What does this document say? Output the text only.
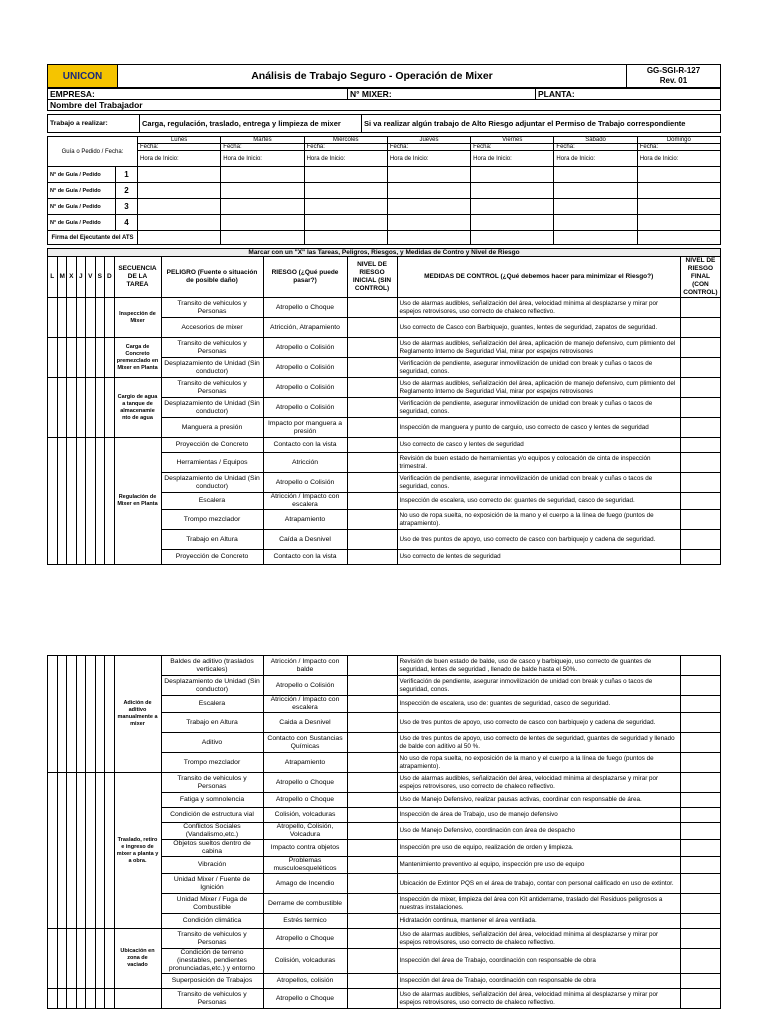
UNICON	Análisis de Trabajo Seguro - Operación de Mixer	GG-SGI-R-127
Rev. 01
EMPRESA:	N° MIXER:	PLANTA:
Nombre del Trabajador
Trabajo a realizar:	Carga, regulación, traslado, entrega y limpieza de mixer	Si va realizar algún trabajo de Alto Riesgo adjuntar el Permiso de Trabajo correspondiente
Guía o Pedido / Fecha:		Lunes	Martes	Miércoles	Jueves	Viernes	Sábado	Domingo
		Fecha:	Fecha:	Fecha:	Fecha:	Fecha:	Fecha:	Fecha:
		Hora de Inicio:	Hora de Inicio:	Hora de Inicio:	Hora de Inicio:	Hora de Inicio:	Hora de Inicio:	Hora de Inicio:
N° de Guía / Pedido	1							
N° de Guía / Pedido	2							
N° de Guía / Pedido	3							
N° de Guía / Pedido	4							
Firma del Ejecutante del ATS								
Marcar con un "X" las Tareas, Peligros, Riesgos, y Medidas de Contro y Nivel de Riesgo												
L	M	X	J	V	S	D	SECUENCIA DE LA TAREA	PELIGRO (Fuente o situación de posible daño)	RIESGO (¿Qué puede pasar?)	NIVEL DE RIESGO INICIAL (SIN CONTROL)	MEDIDAS DE CONTROL (¿Qué debemos hacer para minimizar el Riesgo?)	NIVEL DE RIESGO FINAL (CON CONTROL)
							Inspección de Mixer	Transito de vehiculos y Personas	Atropello o Choque		Uso de alarmas audibles, señalización del área, velocidad mínima al desplazarse y mirar por espejos retrovisores, uso correcto de chaleco reflectivo.	
								Accesorios de mixer	Atricción, Atrapamiento		Uso correcto de Casco con Barbiquejo, guantes, lentes de seguridad, zapatos de seguridad.	
							Carga de Concreto premezclado en Mixer en Planta	Transito de vehiculos y Personas	Atropello o Colisión		Uso de alarmas audibles, señalización del área, aplicación de manejo defensivo, cum plimiento del Reglamento Interno de Seguridad Vial, mirar por espejos retrovisores	
								Desplazamiento de Unidad (Sin conductor)	Atropello o Colisión		Verificación de pendiente, asegurar inmovilización de unidad con break y cuñas o tacos de seguridad, conos.	
							Cargio de agua a tanque de almacenamie nto de agua	Transito de vehiculos y Personas	Atropello o Colisión		Uso de alarmas audibles, señalización del área, aplicación de manejo defensivo, cum plimiento del Reglamento Interno de Seguridad Vial, mirar por espejos retrovisores	
								Desplazamiento de Unidad (Sin conductor)	Atropello o Colisión		Verificación de pendiente, asegurar inmovilización de unidad con break y cuñas o tacos de seguridad, conos.	
								Manguera a presión	Impacto por manguera a presión		Inspección de manguera y punto de carguio, uso correcto de casco y lentes de seguridad	
							Regulación de Mixer en Planta	Proyección de Concreto	Contacto con la vista		Uso correcto de casco y lentes de seguridad	
								Herramientas / Equipos	Atricción		Revisión de buen estado de herramientas y/o equipos y colocación de cinta de inspección trimestral.	
								Desplazamiento de Unidad (Sin conductor)	Atropello o Colisión		Verificación de pendiente, asegurar inmovilización de unidad con break y cuñas o tacos de seguridad, conos.	
								Escalera	Atricción / Impacto con escalera		Inspección de escalera, uso correcto de: guantes de seguridad, casco de seguridad.	
								Trompo mezclador	Atrapamiento		No uso de ropa suelta, no exposición de la mano y el cuerpo a la línea de fuego (puntos de atrapamiento).	
								Trabajo en Altura	Caída a Desnivel		Uso de tres puntos de apoyo, uso correcto de casco con barbiquejo y cadena de seguridad.	
								Proyección de Concreto	Contacto con la vista		Uso correcto de lentes de seguridad	
							Adición de aditivo manualmente a mixer	Baldes de aditivo (traslados verticales)	Atricción / Impacto con balde		Revisión de buen estado de balde, uso de casco y barbiquejo, uso correcto de guantes de seguridad, lentes de seguridad , llenado de balde hasta el 50%.	
								Desplazamiento de Unidad (Sin conductor)	Atropello o Colisión		Verificación de pendiente, asegurar inmovilización de unidad con break y cuñas o tacos de seguridad, conos.	
								Escalera	Atricción / Impacto con escalera		Inspección de escalera, uso de: guantes de seguridad, casco de seguridad.	
								Trabajo en Altura	Caida a Desnivel		Uso de tres puntos de apoyo, uso correcto de casco con barbiquejo y cadena de seguridad.	
								Aditivo	Contacto con Sustancias Químicas		Uso de tres puntos de apoyo, uso correcto de lentes de seguridad, guantes de seguridad y llenado de balde con aditivo al 50 %.	
								Trompo mezclador	Atrapamiento		No uso de ropa suelta, no exposición de la mano y el cuerpo a la línea de fuego (puntos de atrapamiento).	
							Traslado, retiro e ingreso de mixer a planta y a obra.	Transito de vehiculos y Personas	Atropello o Choque		Uso de alarmas audibles, señalización del área, velocidad mínima al desplazarse y mirar por espejos retrovisores, uso correcto de chaleco reflectivo.	
								Fatiga y somnolencia	Atropello o Choque		Uso de Manejo Defensivo, realizar pausas activas, coordinar con responsable de área.	
								Condición de estructura vial	Colisión, volcaduras		Inspección de área de Trabajo, uso de manejo defensivo	
								Conflictos Sociales (Vandalismo,etc.)	Atropello, Colisión, Volcadura		Uso de Manejo Defensivo, coordinación con área de despacho	
								Objetos sueltos dentro de cabina	Impacto contra objetos		Inspección pre uso de equipo, realización de orden y limpieza.	
								Vibración	Problemas musculoesqueléticos		Mantenimiento preventivo al equipo, inspección pre uso de equipo	
								Unidad Mixer / Fuente de Ignición	Amago de Incendio		Ubicación de Extintor PQS en el área de trabajo, contar con personal calificado en uso de extintor.	
								Unidad Mixer / Fuga de Combustible	Derrame de combustible		Inspección de mixer, limpieza del área con Kit antiderrame, traslado del Residuos peligrosos a nuestras instalaciones.	
								Condición climática	Estrés termico		Hidratación continua, mantener el área ventilada.	
							Ubicación en zona de vaciado	Transito de vehiculos y Personas	Atropello o Choque		Uso de alarmas audibles, señalización del área, velocidad mínima al desplazarse y mirar por espejos retrovisores, uso correcto de chaleco reflectivo.	
								Condición de terreno (inestables, pendientes pronunciadas,etc.) y entorno	Colisión, volcaduras		Inspección del área de Trabajo, coordinación con responsable de obra	
								Superposición de Trabajos	Atropellos, colisión		Inspección del área de Trabajo, coordinación con responsable de obra	
								Transito de vehiculos y Personas	Atropello o Choque		Uso de alarmas audibles, señalización del área, velocidad mínima al desplazarse y mirar por espejos retrovisores, uso correcto de chaleco reflectivo.	
